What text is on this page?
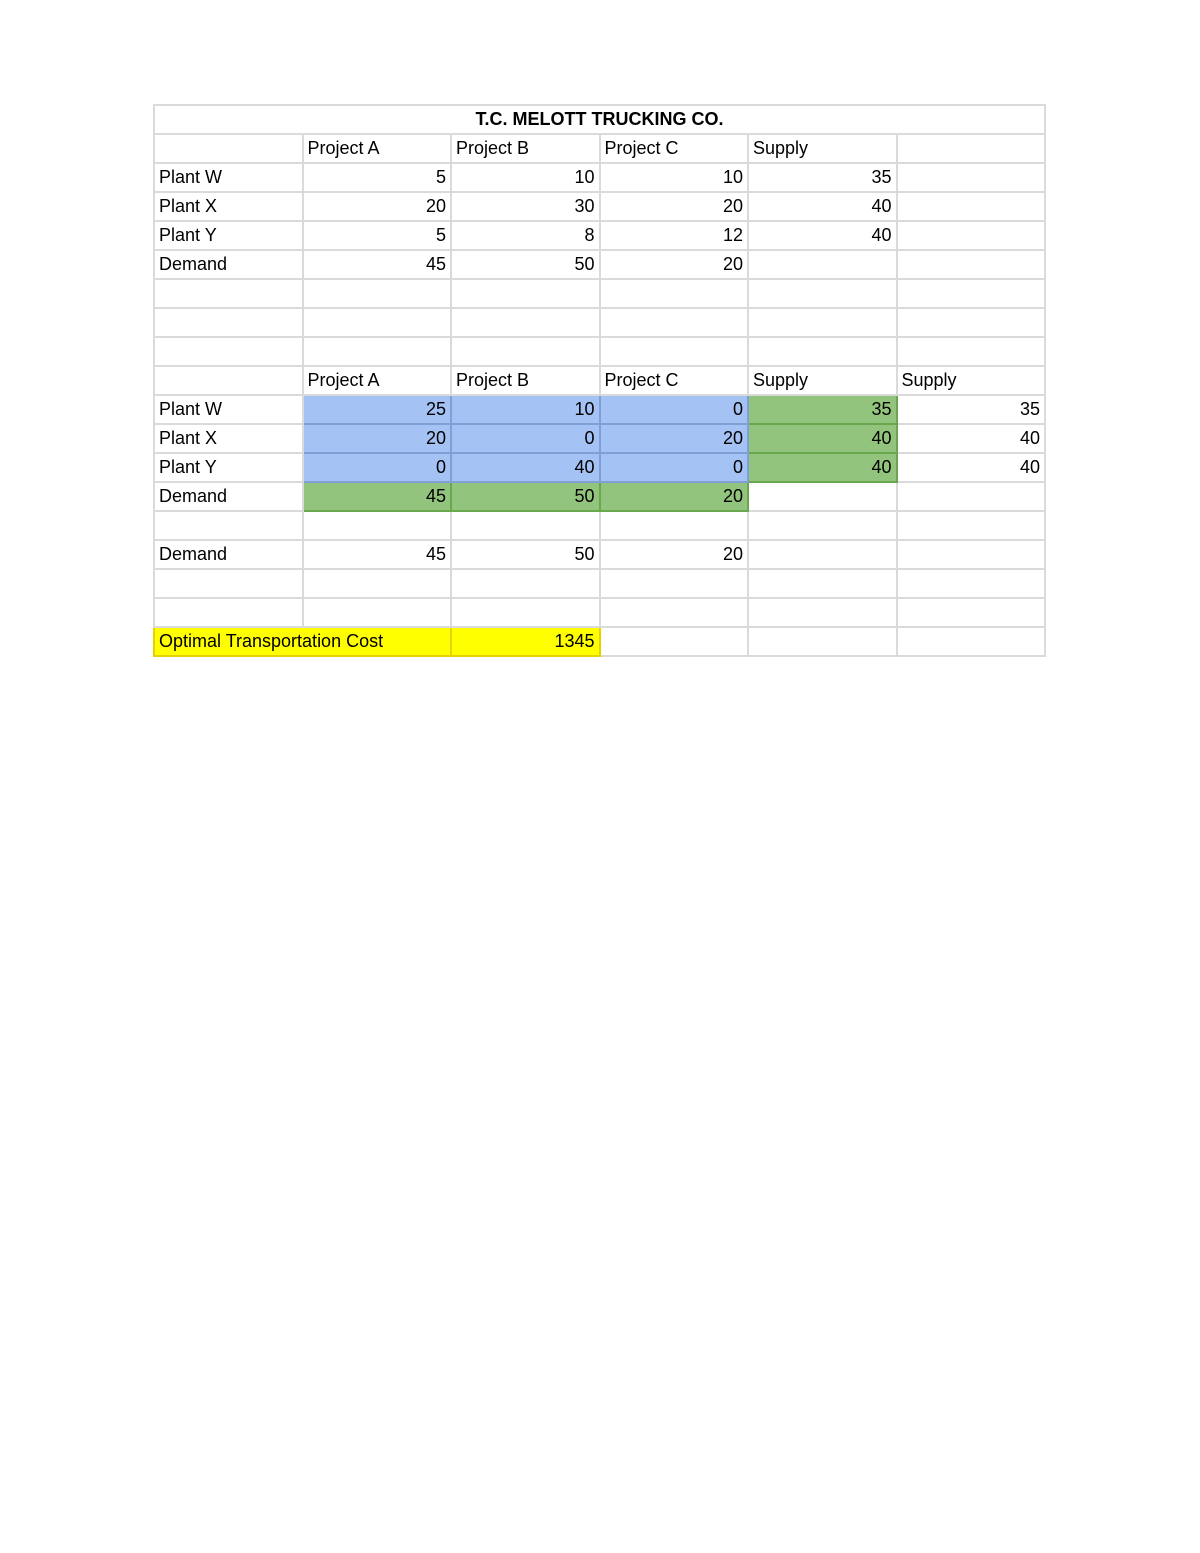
T.C. MELOTT TRUCKING CO.					
	Project A	Project B	Project C	Supply	
Plant W	5	10	10	35	
Plant X	20	30	20	40	
Plant Y	5	8	12	40	
Demand	45	50	20		

	Project A	Project B	Project C	Supply	Supply
Plant W	25	10	0	35	35
Plant X	20	0	20	40	40
Plant Y	0	40	0	40	40
Demand	45	50	20		

Demand	45	50	20		

Optimal Transportation Cost		1345			
